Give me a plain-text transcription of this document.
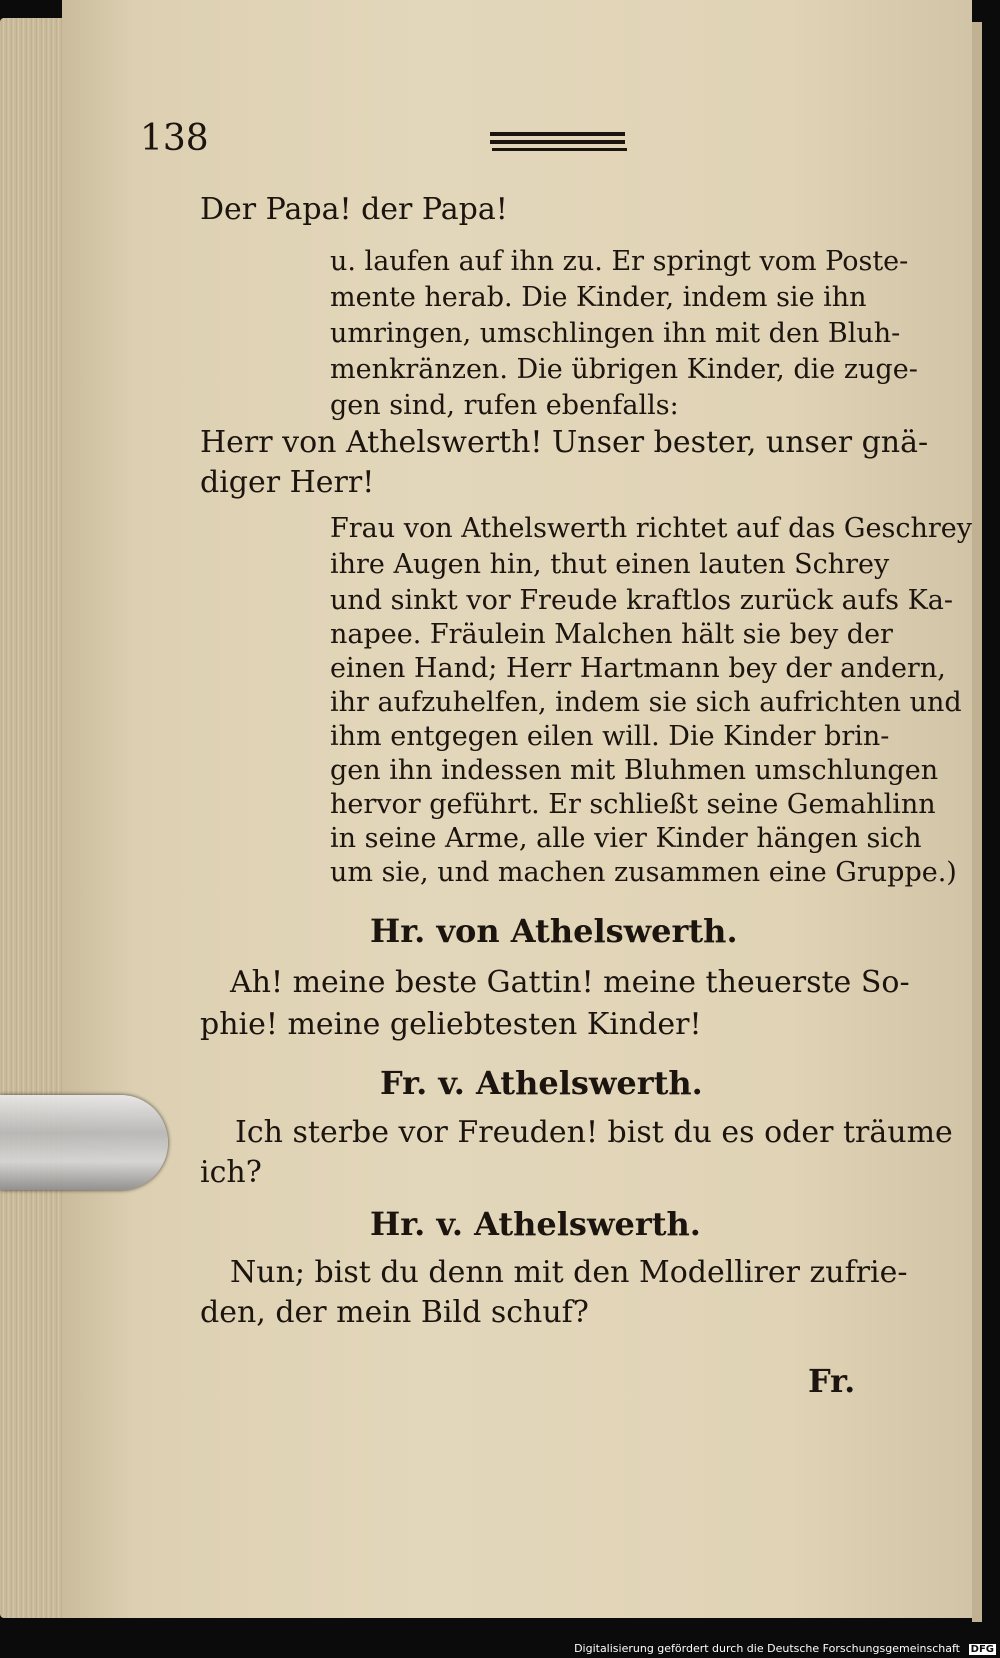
138
Der Papa! der Papa!
u. laufen auf ihn zu. Er springt vom Poste-
mente herab. Die Kinder, indem sie ihn
umringen, umschlingen ihn mit den Bluh-
menkränzen. Die übrigen Kinder, die zuge-
gen sind, rufen ebenfalls:
Herr von Athelswerth! Unser bester, unser gnä-
diger Herr!
Frau von Athelswerth richtet auf das Geschrey
ihre Augen hin, thut einen lauten Schrey
und sinkt vor Freude kraftlos zurück aufs Ka-
napee. Fräulein Malchen hält sie bey der
einen Hand; Herr Hartmann bey der andern,
ihr aufzuhelfen, indem sie sich aufrichten und
ihm entgegen eilen will. Die Kinder brin-
gen ihn indessen mit Bluhmen umschlungen
hervor geführt. Er schließt seine Gemahlinn
in seine Arme, alle vier Kinder hängen sich
um sie, und machen zusammen eine Gruppe.)
Hr. von Athelswerth.
Ah! meine beste Gattin! meine theuerste So-
phie! meine geliebtesten Kinder!
Fr. v. Athelswerth.
Ich sterbe vor Freuden! bist du es oder träume
ich?
Hr. v. Athelswerth.
Nun; bist du denn mit den Modellirer zufrie-
den, der mein Bild schuf?
Fr.
Digitalisierung gefördert durch die Deutsche Forschungsgemeinschaft DFG
